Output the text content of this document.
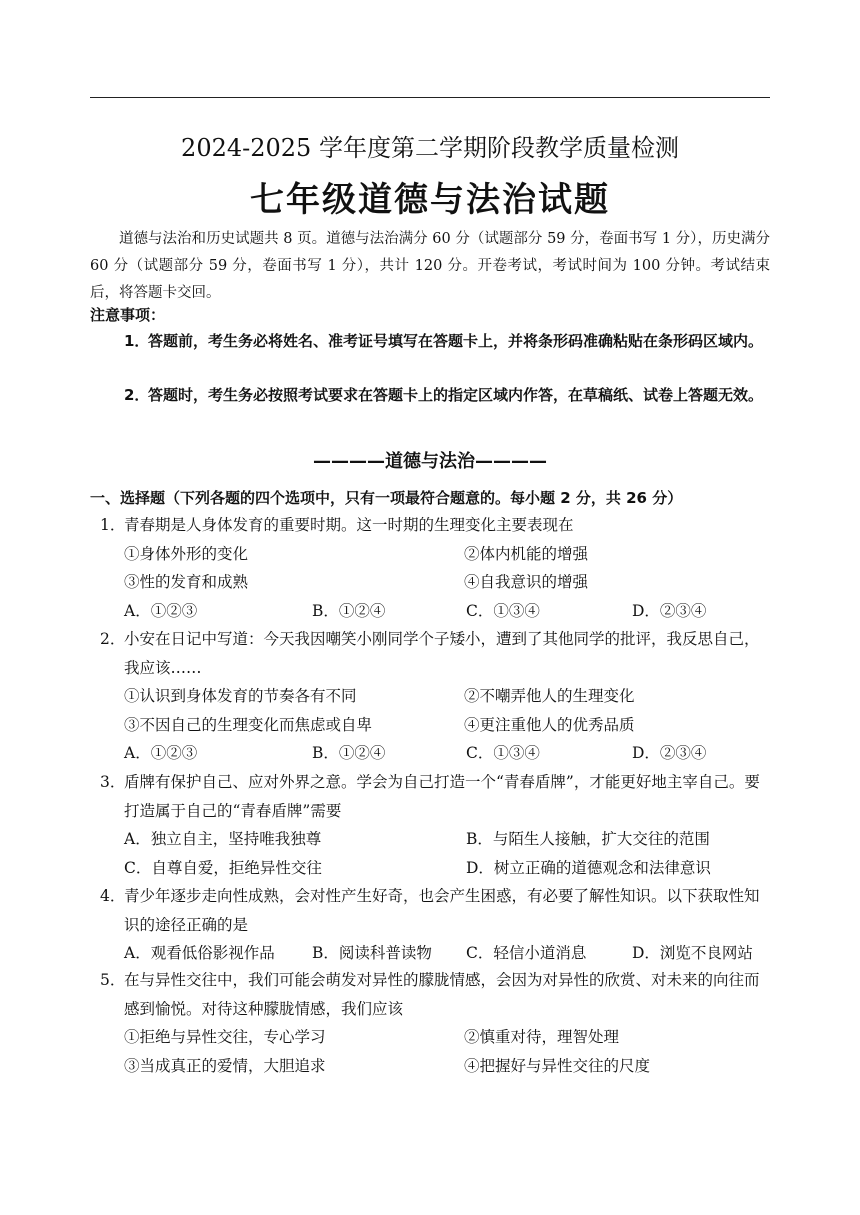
2024-2025 学年度第二学期阶段教学质量检测
七年级道德与法治试题
道德与法治和历史试题共 8 页。道德与法治满分 60 分（试题部分 59 分，卷面书写 1 分），历史满分 60 分（试题部分 59 分，卷面书写 1 分），共计 120 分。开卷考试，考试时间为 100 分钟。考试结束后，将答题卡交回。
注意事项：
1．答题前，考生务必将姓名、准考证号填写在答题卡上，并将条形码准确粘贴在条形码区域内。
2．答题时，考生务必按照考试要求在答题卡上的指定区域内作答，在草稿纸、试卷上答题无效。
————道德与法治————
一、选择题（下列各题的四个选项中，只有一项最符合题意的。每小题 2 分，共 26 分）
1．青春期是人身体发育的重要时期。这一时期的生理变化主要表现在
①身体外形的变化	②体内机能的增强
③性的发育和成熟	④自我意识的增强
A．①②③	B．①②④	C．①③④	D．②③④
2．小安在日记中写道：今天我因嘲笑小刚同学个子矮小，遭到了其他同学的批评，我反思自己，我应该……
①认识到身体发育的节奏各有不同	②不嘲弄他人的生理变化
③不因自己的生理变化而焦虑或自卑	④更注重他人的优秀品质
A．①②③	B．①②④	C．①③④	D．②③④
3．盾牌有保护自己、应对外界之意。学会为自己打造一个“青春盾牌”，才能更好地主宰自己。要打造属于自己的“青春盾牌”需要
A．独立自主，坚持唯我独尊	B．与陌生人接触，扩大交往的范围
C．自尊自爱，拒绝异性交往	D．树立正确的道德观念和法律意识
4．青少年逐步走向性成熟，会对性产生好奇，也会产生困惑，有必要了解性知识。以下获取性知识的途径正确的是
A．观看低俗影视作品 B．阅读科普读物 C．轻信小道消息	D．浏览不良网站
5．在与异性交往中，我们可能会萌发对异性的朦胧情感，会因为对异性的欣赏、对未来的向往而感到愉悦。对待这种朦胧情感，我们应该
①拒绝与异性交往，专心学习	②慎重对待，理智处理
③当成真正的爱情，大胆追求	④把握好与异性交往的尺度
